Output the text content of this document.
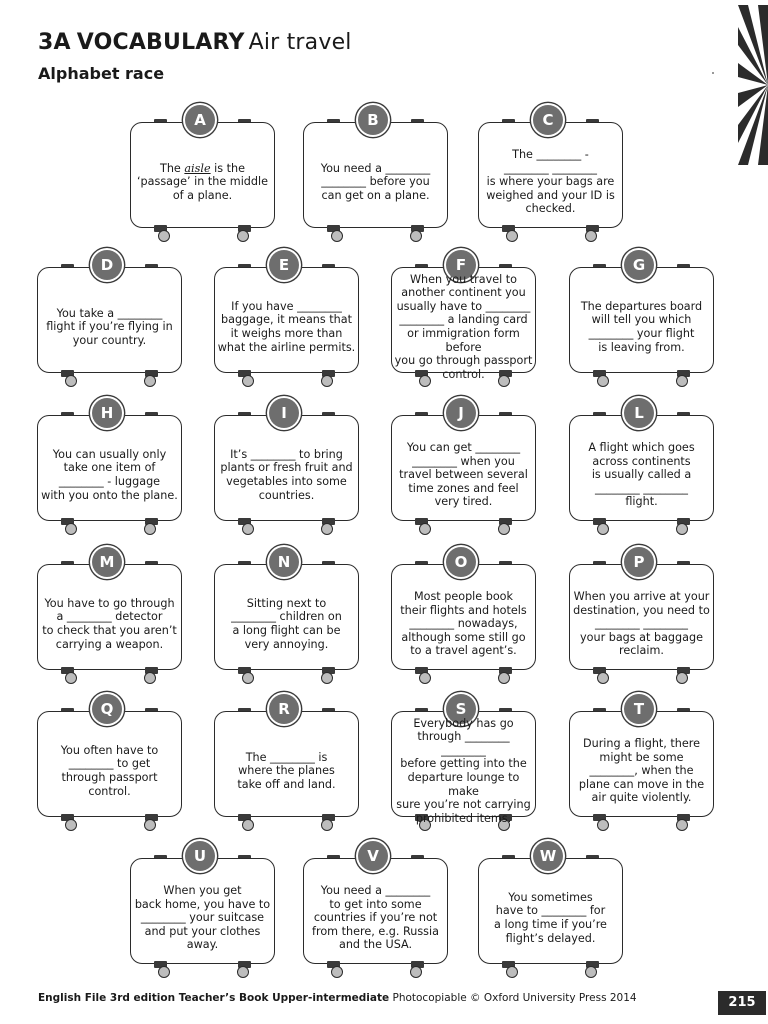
3A VOCABULARY Air travel
Alphabet race
A
The aisle is the
‘passage’ in the middle
of a plane.
B
You need a ________
________ before you
can get on a plane.
C
The ________ -
________ ________
is where your bags are
weighed and your ID is
checked.
D
You take a ________
flight if you’re flying in
your country.
E
If you have ________
baggage, it means that
it weighs more than
what the airline permits.
F
When you travel to
another continent you
usually have to ________
________ a landing card
or immigration form before
you go through passport
control.
G
The departures board
will tell you which
________ your flight
is leaving from.
H
You can usually only
take one item of
________ - luggage
with you onto the plane.
I
It’s ________ to bring
plants or fresh fruit and
vegetables into some
countries.
J
You can get ________
________ when you
travel between several
time zones and feel
very tired.
L
A flight which goes
across continents
is usually called a
________ ________
flight.
M
You have to go through
a ________ detector
to check that you aren’t
carrying a weapon.
N
Sitting next to
________ children on
a long flight can be
very annoying.
O
Most people book
their flights and hotels
________ nowadays,
although some still go
to a travel agent’s.
P
When you arrive at your
destination, you need to
________ ________
your bags at baggage
reclaim.
Q
You often have to
________ to get
through passport
control.
R
The ________ is
where the planes
take off and land.
S
Everybody has go
through ________
________
before getting into the
departure lounge to make
sure you’re not carrying
prohibited items.
T
During a flight, there
might be some
________, when the
plane can move in the
air quite violently.
U
When you get
back home, you have to
________ your suitcase
and put your clothes
away.
V
You need a ________
to get into some
countries if you’re not
from there, e.g. Russia
and the USA.
W
You sometimes
have to ________ for
a long time if you’re
flight’s delayed.
English File 3rd edition Teacher’s Book Upper-intermediate Photocopiable © Oxford University Press 2014	215
